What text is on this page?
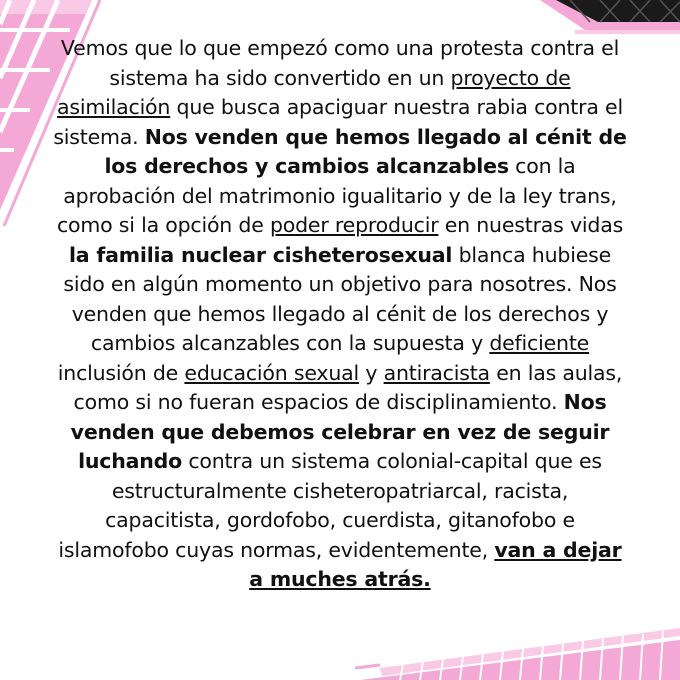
Vemos que lo que empezó como una protesta contra el sistema ha sido convertido en un proyecto de asimilación que busca apaciguar nuestra rabia contra el sistema. Nos venden que hemos llegado al cénit de los derechos y cambios alcanzables con la aprobación del matrimonio igualitario y de la ley trans, como si la opción de poder reproducir en nuestras vidas la familia nuclear cisheterosexual blanca hubiese sido en algún momento un objetivo para nosotres. Nos venden que hemos llegado al cénit de los derechos y cambios alcanzables con la supuesta y deficiente inclusión de educación sexual y antiracista en las aulas, como si no fueran espacios de disciplinamiento. Nos venden que debemos celebrar en vez de seguir luchando contra un sistema colonial-capital que es estructuralmente cisheteropatriarcal, racista, capacitista, gordofobo, cuerdista, gitanofobo e islamofobo cuyas normas, evidentemente, van a dejar a muches atrás.
